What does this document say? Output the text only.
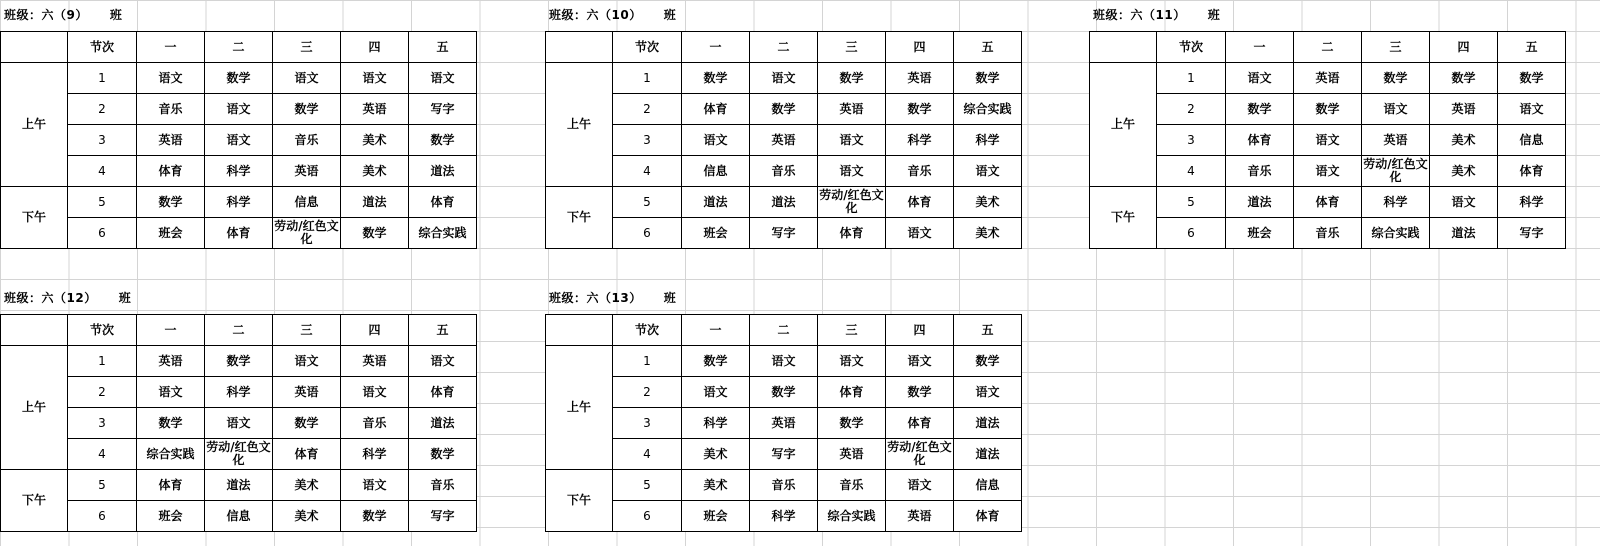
班级：六（9） 班
	节次	一	二	三	四	五
上午	1	语文	数学	语文	语文	语文
	2	音乐	语文	数学	英语	写字
	3	英语	语文	音乐	美术	数学
	4	体育	科学	英语	美术	道法
下午	5	数学	科学	信息	道法	体育
	6	班会	体育	劳动/红色文化	数学	综合实践
班级：六（10） 班
	节次	一	二	三	四	五
上午	1	数学	语文	数学	英语	数学
	2	体育	数学	英语	数学	综合实践
	3	语文	英语	语文	科学	科学
	4	信息	音乐	语文	音乐	语文
下午	5	道法	道法	劳动/红色文化	体育	美术
	6	班会	写字	体育	语文	美术
班级：六（11） 班
	节次	一	二	三	四	五
上午	1	语文	英语	数学	数学	数学
	2	数学	数学	语文	英语	语文
	3	体育	语文	英语	美术	信息
	4	音乐	语文	劳动/红色文化	美术	体育
下午	5	道法	体育	科学	语文	科学
	6	班会	音乐	综合实践	道法	写字
班级：六（12） 班
	节次	一	二	三	四	五
上午	1	英语	数学	语文	英语	语文
	2	语文	科学	英语	语文	体育
	3	数学	语文	数学	音乐	道法
	4	综合实践	劳动/红色文化	体育	科学	数学
下午	5	体育	道法	美术	语文	音乐
	6	班会	信息	美术	数学	写字
班级：六（13） 班
	节次	一	二	三	四	五
上午	1	数学	语文	语文	语文	数学
	2	语文	数学	体育	数学	语文
	3	科学	英语	数学	体育	道法
	4	美术	写字	英语	劳动/红色文化	道法
下午	5	美术	音乐	音乐	语文	信息
	6	班会	科学	综合实践	英语	体育
